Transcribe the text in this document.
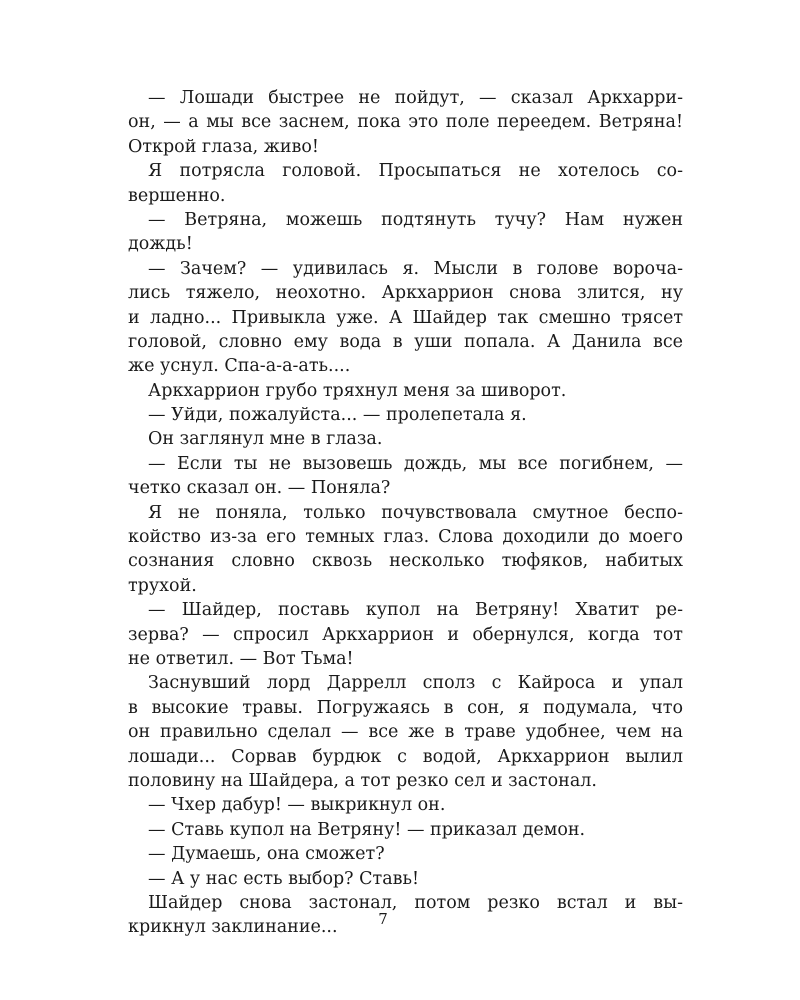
— Лошади быстрее не пойдут, — сказал Аркхарри-
он, — а мы все заснем, пока это поле переедем. Ветряна!
Открой глаза, живо!
Я потрясла головой. Просыпаться не хотелось со-
вершенно.
— Ветряна, можешь подтянуть тучу? Нам нужен
дождь!
— Зачем? — удивилась я. Мысли в голове ворочa-
лись тяжело, неохотно. Аркхаррион снова злится, ну
и ладно... Привыкла уже. А Шайдер так смешно трясет
головой, словно ему вода в уши попала. А Данила все
же уснул. Спа-а-а-ать....
Аркхаррион грубо тряхнул меня за шиворот.
— Уйди, пожалуйста... — пролепетала я.
Он заглянул мне в глаза.
— Если ты не вызовешь дождь, мы все погибнем, —
четко сказал он. — Поняла?
Я не поняла, только почувствовала смутное беспо-
койство из-за его темных глаз. Слова доходили до моего
сознания словно сквозь несколько тюфяков, набитых
трухой.
— Шайдер, поставь купол на Ветряну! Хватит ре-
зерва? — спросил Аркхаррион и обернулся, когда тот
не ответил. — Вот Тьма!
Заснувший лорд Даррелл сполз с Кайроса и упал
в высокие травы. Погружаясь в сон, я подумала, что
он правильно сделал — все же в траве удобнее, чем на
лошади... Сорвав бурдюк с водой, Аркхаррион вылил
половину на Шайдера, а тот резко сел и застонал.
— Чхер дабур! — выкрикнул он.
— Ставь купол на Ветряну! — приказал демон.
— Думаешь, она сможет?
— А у нас есть выбор? Ставь!
Шайдер снова застонал, потом резко встал и вы-
крикнул заклинание...	7
